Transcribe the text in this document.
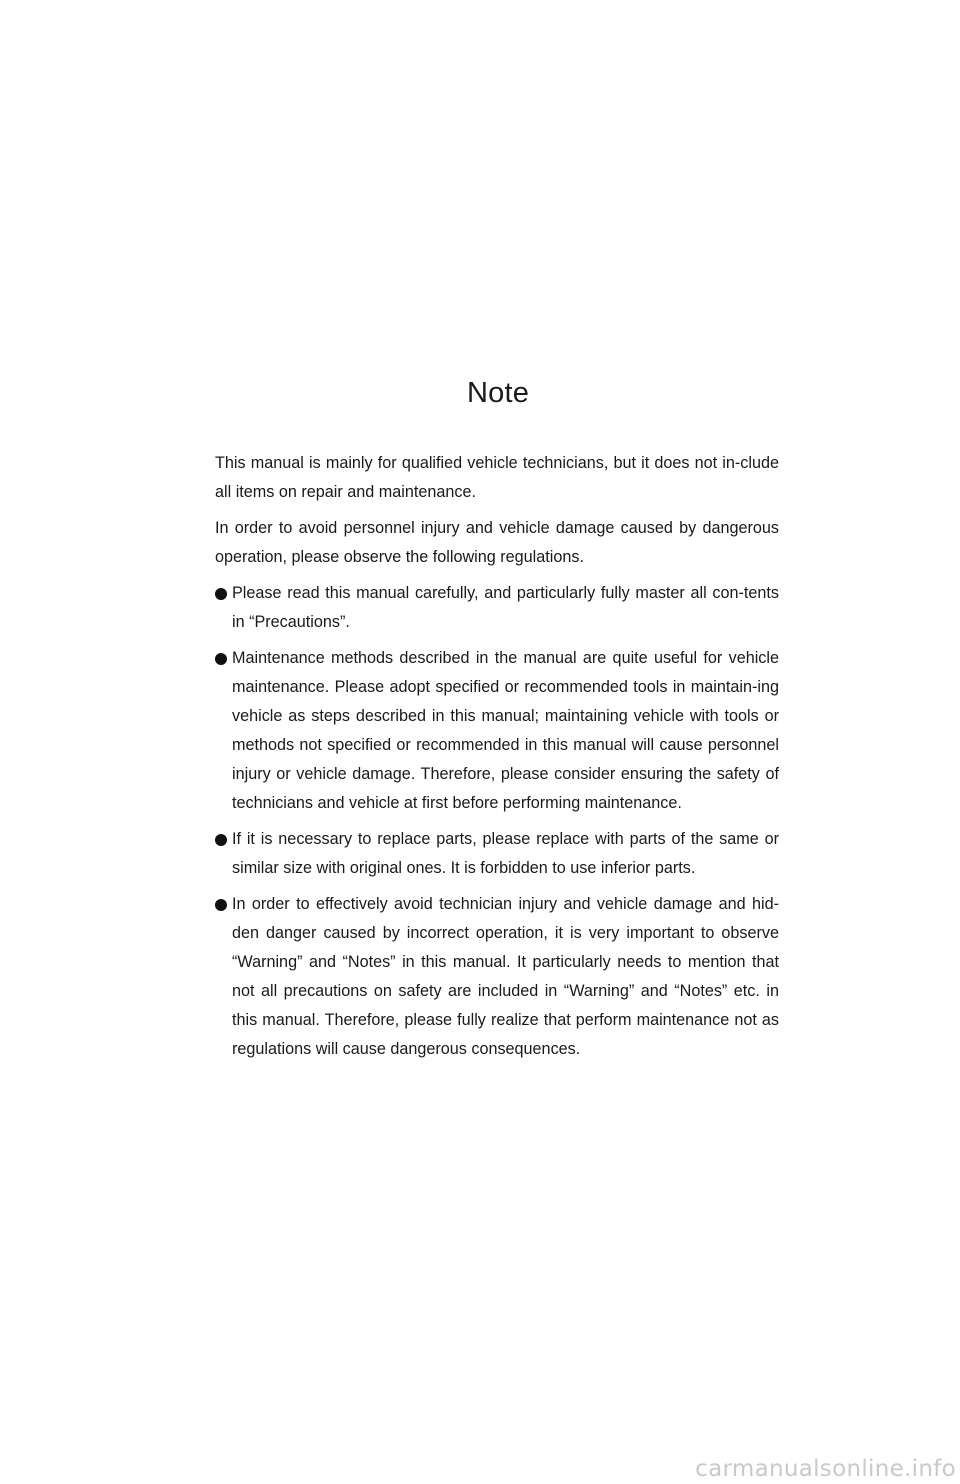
Note

This manual is mainly for qualified vehicle technicians, but it does not in-clude all items on repair and maintenance.

In order to avoid personnel injury and vehicle damage caused by dangerous operation, please observe the following regulations.

Please read this manual carefully, and particularly fully master all con-tents in “Precautions”.
Maintenance methods described in the manual are quite useful for vehicle maintenance. Please adopt specified or recommended tools in maintain-ing vehicle as steps described in this manual; maintaining vehicle with tools or methods not specified or recommended in this manual will cause personnel injury or vehicle damage. Therefore, please consider ensuring the safety of technicians and vehicle at first before performing maintenance.
If it is necessary to replace parts, please replace with parts of the same or similar size with original ones. It is forbidden to use inferior parts.
In order to effectively avoid technician injury and vehicle damage and hid-den danger caused by incorrect operation, it is very important to observe “Warning” and “Notes” in this manual. It particularly needs to mention that not all precautions on safety are included in “Warning” and “Notes” etc. in this manual. Therefore, please fully realize that perform maintenance not as regulations will cause dangerous consequences.
carmanualsonline.info
